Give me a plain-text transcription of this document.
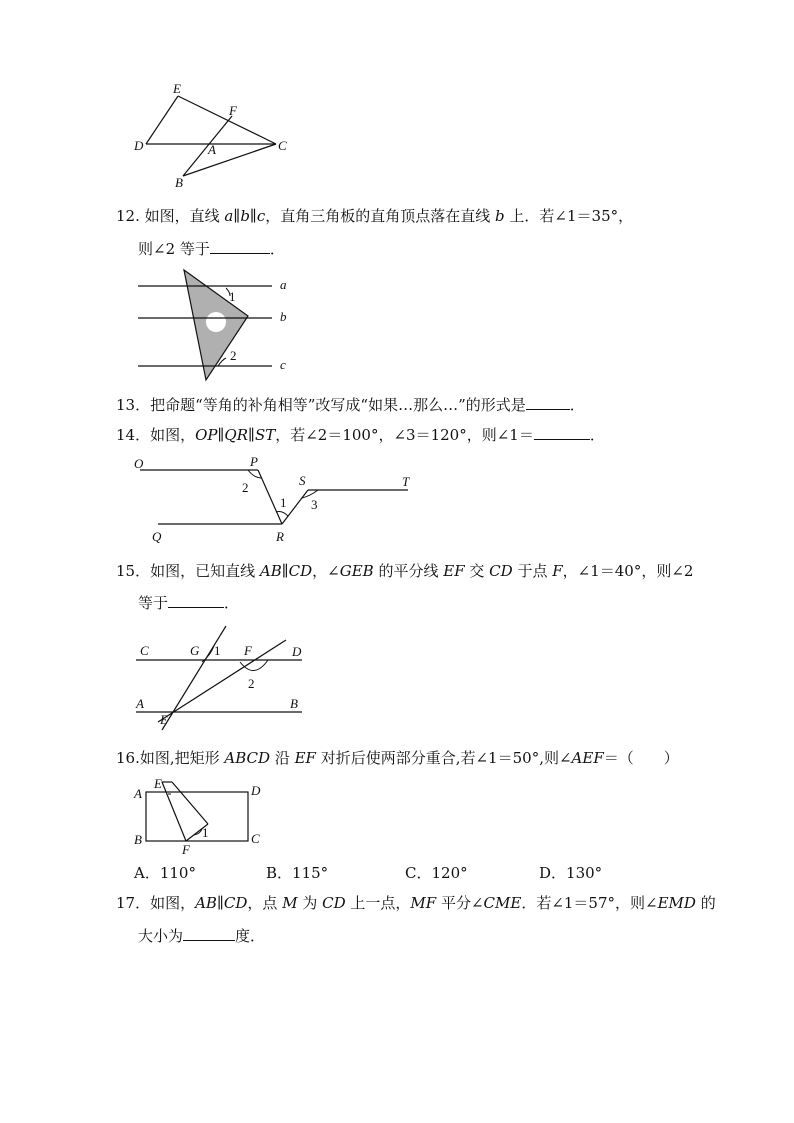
E
F
D	A	C
B
12. 如图，直线 a∥b∥c，直角三角板的直角顶点落在直线 b 上．若∠1＝35°，
则∠2 等于	．
a
b
c
1
2
13．把命题“等角的补角相等”改写成“如果…那么…”的形式是	．
14．如图，OP∥QR∥ST，若∠2＝100°，∠3＝120°，则∠1＝	．
O	P
2
1
S	T
3
Q	R
15．如图，已知直线 AB∥CD，∠GEB 的平分线 EF 交 CD 于点 F，∠1＝40°，则∠2
等于	．
C	G 1 F	D
2
A
E
B
16.如图,把矩形 ABCD 沿 EF 对折后使两部分重合,若∠1＝50°,则∠AEF＝（　　）
E
A	D
B	C
F
1
A．110°	B．115°	C．120°	D．130°
17．如图，AB∥CD，点 M 为 CD 上一点，MF 平分∠CME．若∠1＝57°，则∠EMD 的
大小为	度．
